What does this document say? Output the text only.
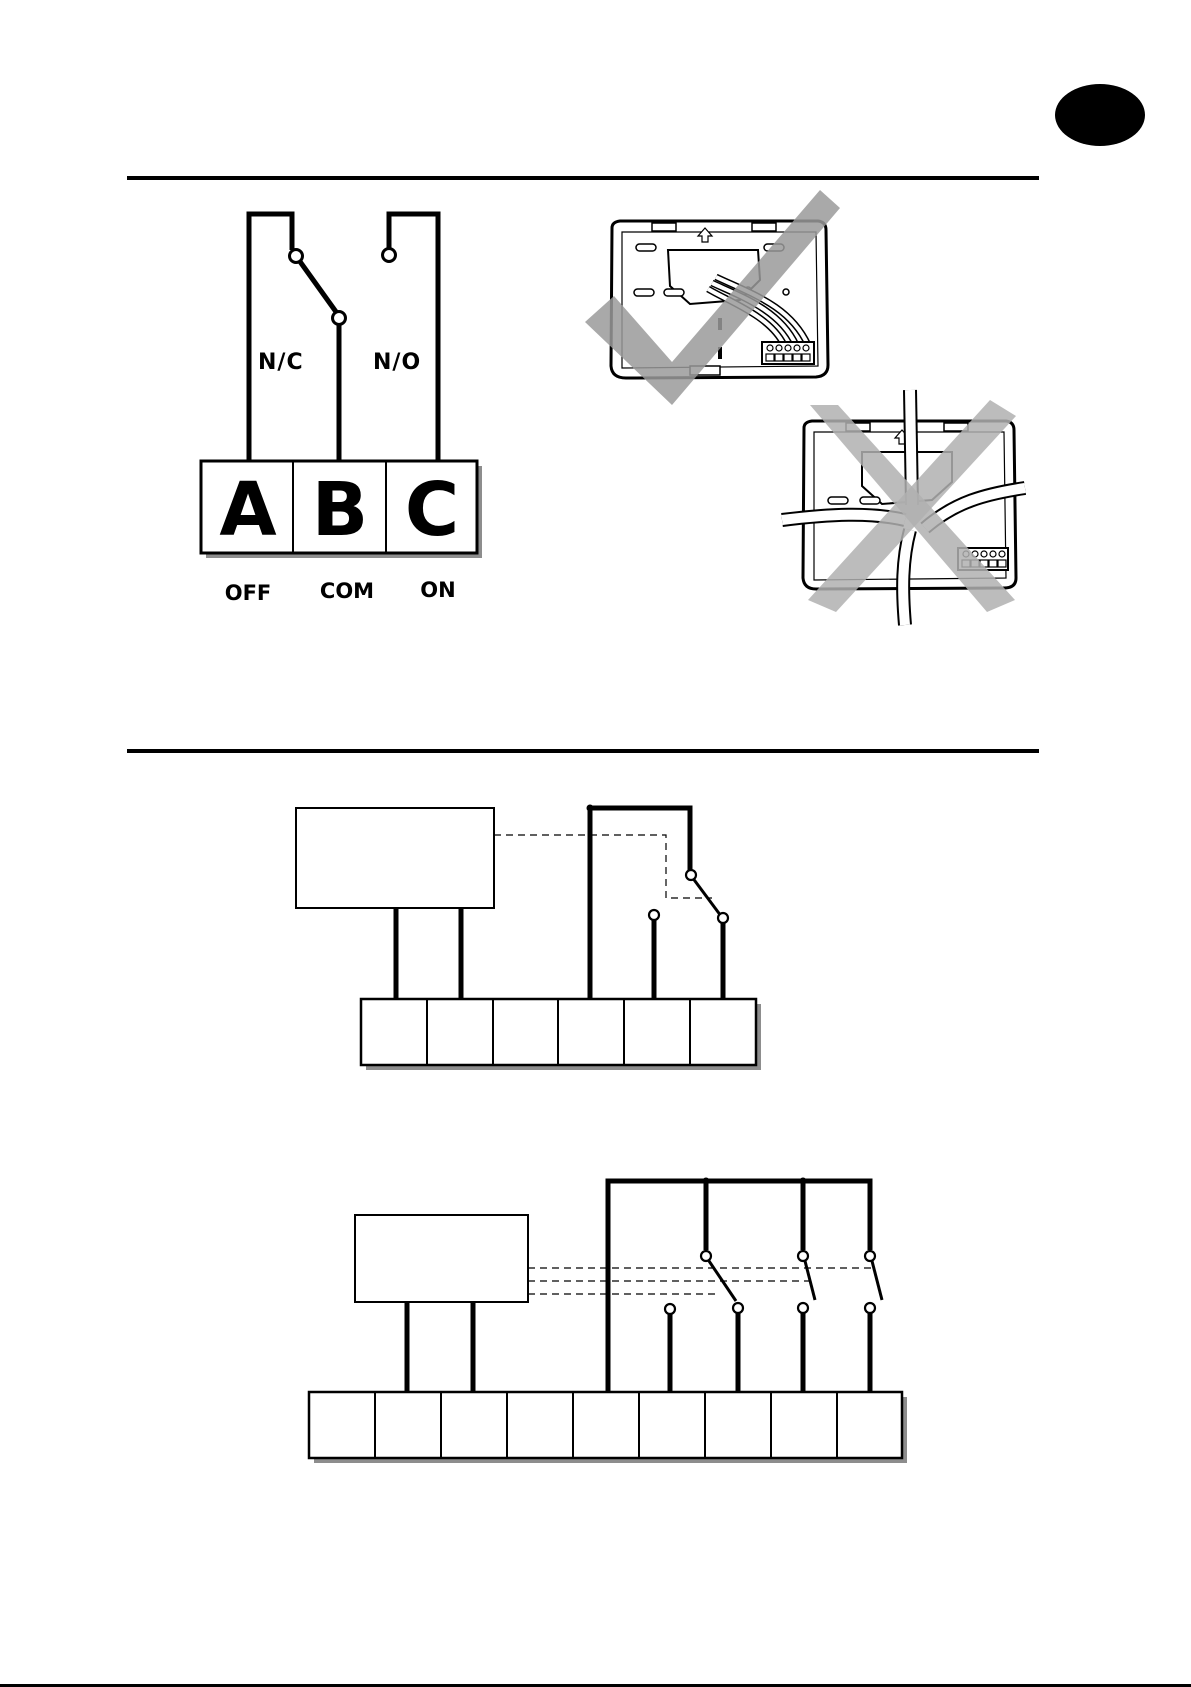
N/C	N/O
A B C
OFF COM ON
